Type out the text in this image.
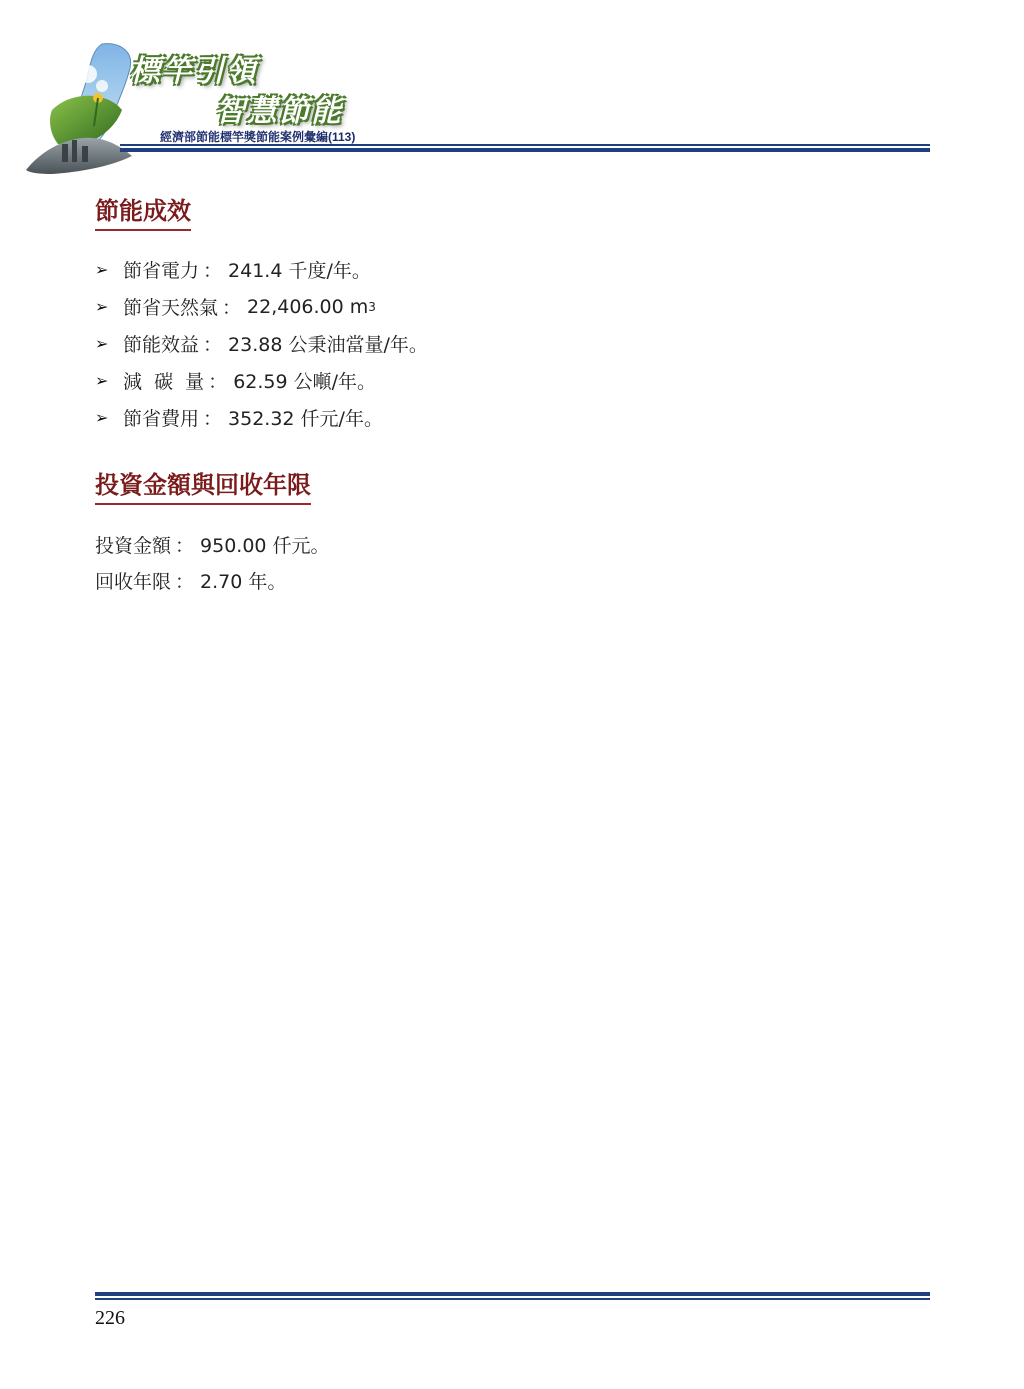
標竿引領
智慧節能
經濟部節能標竿獎節能案例彙編(113)
節能成效
➢ 節省電力 ： 241.4 千度/年。
➢ 節省天然氣 ： 22,406.00 m 3
➢ 節能效益 ： 23.88 公秉油當量/年。
➢ 減  碳  量 ： 62.59 公噸/年。
➢ 節省費用 ： 352.32 仟元/年。
投資金額與回收年限
投資金額 ： 950.00 仟元。
回收年限 ： 2.70 年。
226
